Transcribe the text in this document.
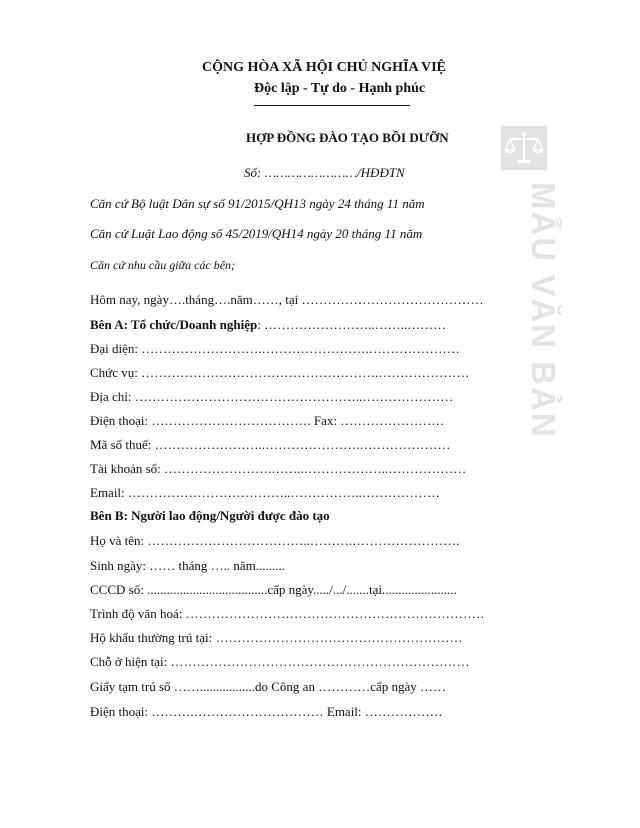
CỘNG HÒA XÃ HỘI CHỦ NGHĨA VIỆ
Độc lập - Tự do - Hạnh phúc
HỢP ĐỒNG ĐÀO TẠO BỒI DƯỠN
Số: ……………………/HĐĐTN
Căn cứ Bộ luật Dân sự số 91/2015/QH13 ngày 24 tháng 11 năm
Căn cứ Luật Lao động số 45/2019/QH14 ngày 20 tháng 11 năm
Căn cứ nhu cầu giữa các bên;
Hôm nay, ngày….tháng….năm……, tại ……………………………………
Bên A: Tổ chức/Doanh nghiệp: ……………………..……..………
Đại diện: ……………………….…………………….…………………
Chức vụ: ……………………………………………….…………………
Địa chỉ: ……………………………………………..…………………
Điện thoại: ………………………………. Fax: ……………………
Mã số thuế: ……………………..………………….…………………
Tài khoản số: …………………….……..………………..………………
Email: ………………………………..……………..………………
Bên B: Người lao động/Người được đào tạo
Họ và tên: ………………………………..……….…………………….
Sinh ngày: …… tháng ….. năm.........
CCCD số: .....................................cấp ngày...../.../.......tại.......................
Trình độ văn hoá: ……………………………………………………………
Hộ khẩu thường trú tại: …………………………………………………
Chỗ ở hiện tại: ……………………………………………………………
Giấy tạm trú số …….................do Công an …………cấp ngày ……
Điện thoại: ……….………………………… Email: ………………
MẪU VĂN BẢN
